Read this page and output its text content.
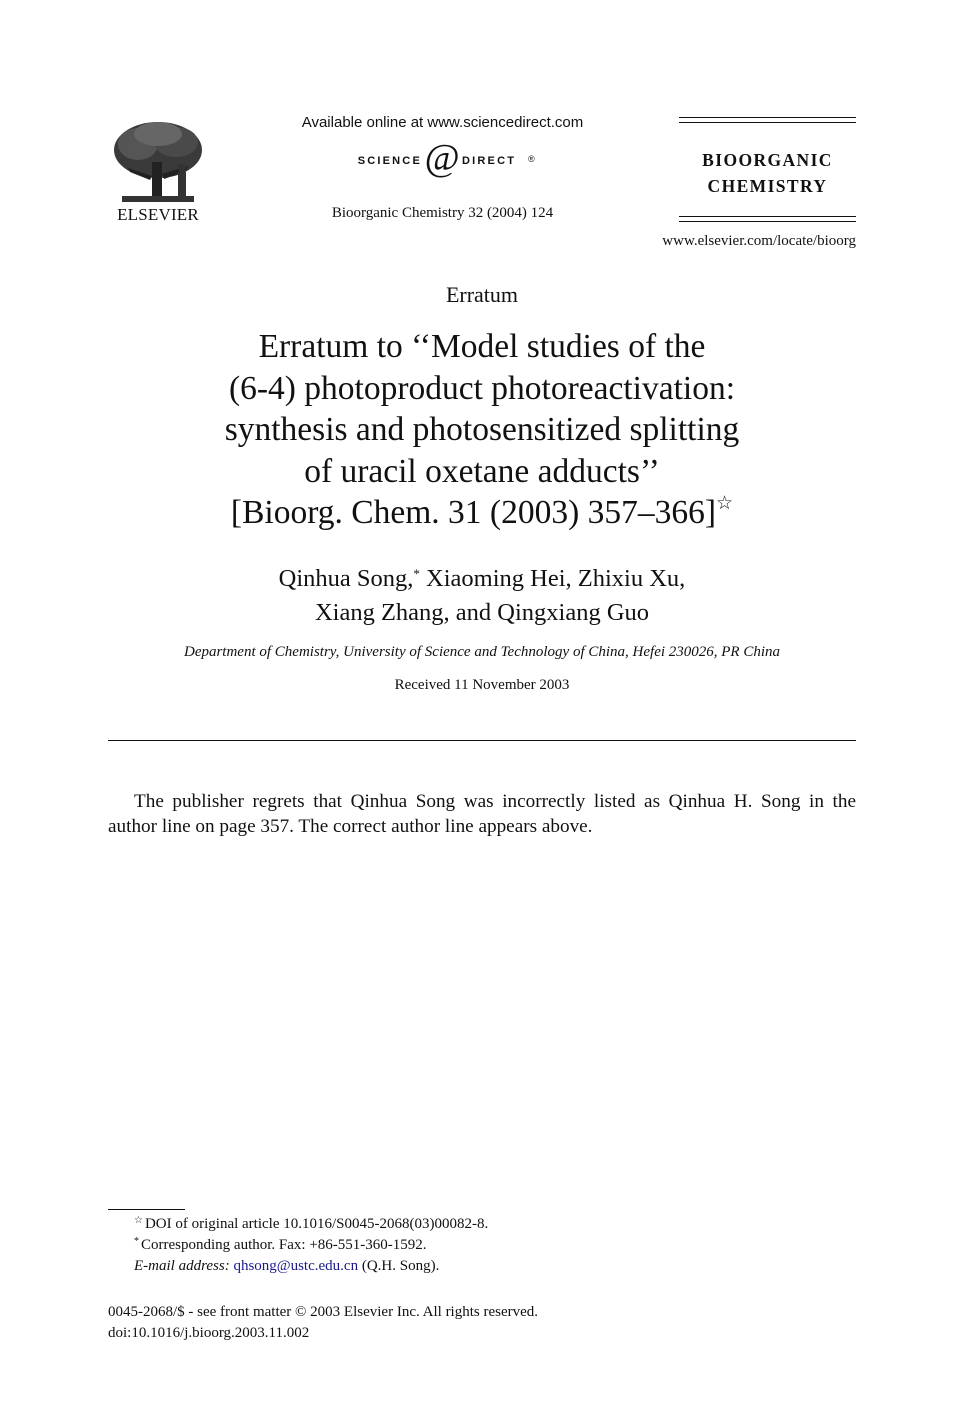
ELSEVIER
Available online at www.sciencedirect.com
SCIENCE @ DIRECT ®
Bioorganic Chemistry 32 (2004) 124
BIOORGANIC
CHEMISTRY
www.elsevier.com/locate/bioorg
Erratum
Erratum to ‘‘Model studies of the
(6-4) photoproduct photoreactivation:
synthesis and photosensitized splitting
of uracil oxetane adducts’’
[Bioorg. Chem. 31 (2003) 357–366]☆
Qinhua Song,* Xiaoming Hei, Zhixiu Xu,
Xiang Zhang, and Qingxiang Guo
Department of Chemistry, University of Science and Technology of China, Hefei 230026, PR China
Received 11 November 2003
The publisher regrets that Qinhua Song was incorrectly listed as Qinhua H. Song in the author line on page 357. The correct author line appears above.
☆ DOI of original article 10.1016/S0045-2068(03)00082-8.
* Corresponding author. Fax: +86-551-360-1592.
E-mail address: qhsong@ustc.edu.cn (Q.H. Song).
0045-2068/$ - see front matter © 2003 Elsevier Inc. All rights reserved.
doi:10.1016/j.bioorg.2003.11.002
